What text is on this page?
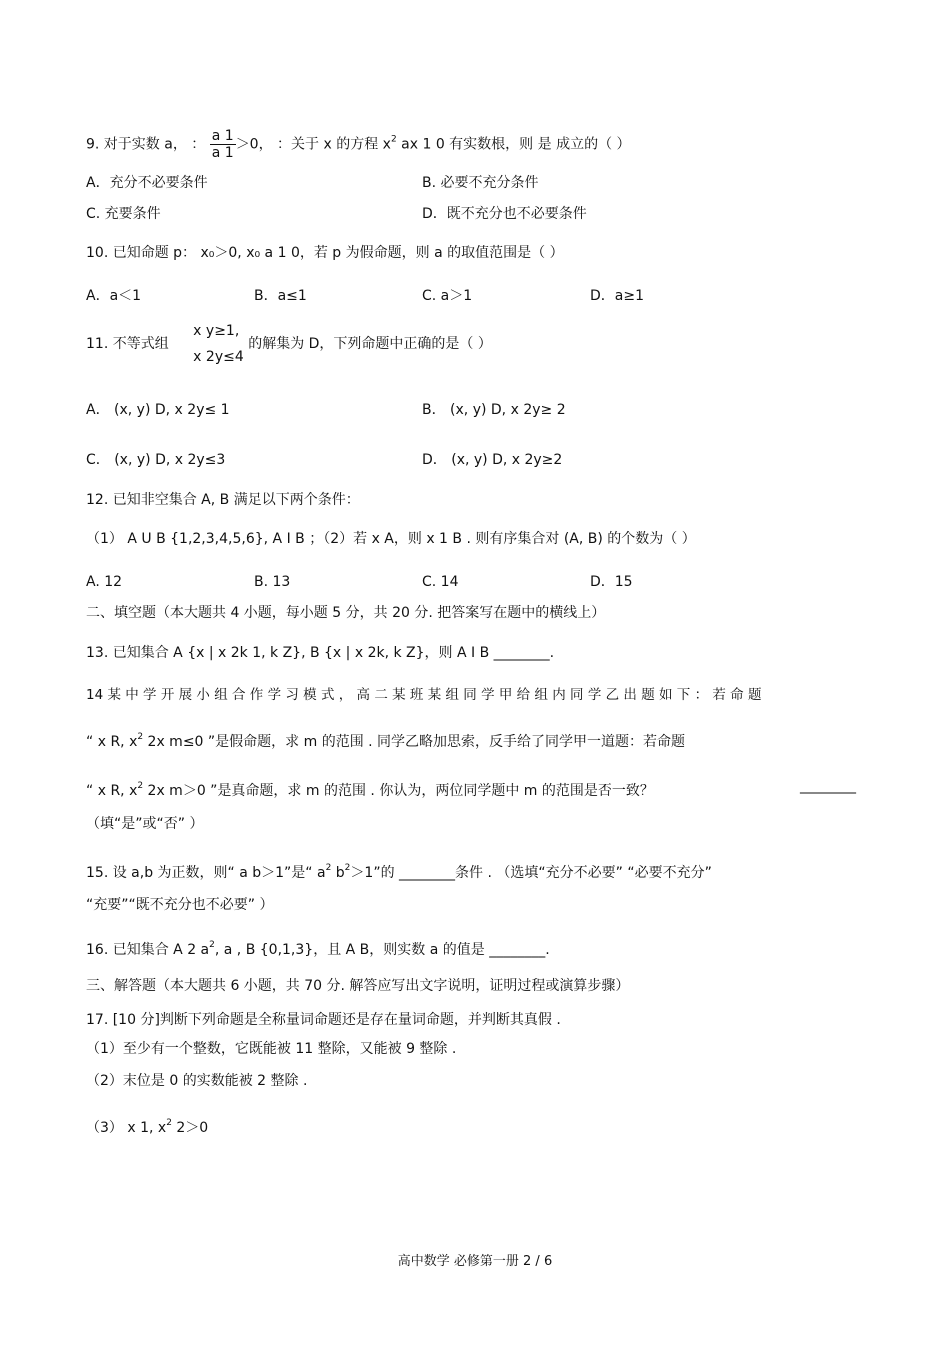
9. 对于实数 a， ： $\frac{a 1}{a 1} >0$， ：关于 x 的方程 $x^2$ ax 1 0 有实数根，则 是 成立的（ ）
A．充分不必要条件	B. 必要不充分条件
C. 充要条件	D．既不充分也不必要条件
10. 已知命题 p： x₀＞0, x₀ a 1 0，若 p 为假命题，则 a 的取值范围是（ ）
A．a＜1	B．a≤1	C. a＞1	D．a≥1
11. 不等式组
x y≥1,
x 2y≤4
的解集为 D，下列命题中正确的是（ ）
A． (x, y) D, x 2y≤ 1	B． (x, y) D, x 2y≥ 2
C． (x, y) D, x 2y≤3	D． (x, y) D, x 2y≥2
12. 已知非空集合 A, B 满足以下两个条件：
（1） A U B {1,2,3,4,5,6}, A I B ；（2）若 x A，则 x 1 B . 则有序集合对 (A, B) 的个数为（ ）
A. 12	B. 13	C. 14	D．15
二、填空题（本大题共 4 小题，每小题 5 分，共 20 分. 把答案写在题中的横线上）
13. 已知集合 A {x | x 2k 1, k Z}, B {x | x 2k, k Z}，则 A I B ________.
14 某 中 学 开 展 小 组 合 作 学 习 模 式 ， 高 二 某 班 某 组 同 学 甲 给 组 内 同 学 乙 出 题 如 下 ： 若 命 题
“ x R, $x^2$ 2x m≤0 ”是假命题，求 m 的范围 . 同学乙略加思索，反手给了同学甲一道题：若命题
“ x R, $x^2$ 2x m＞0 ”是真命题，求 m 的范围 . 你认为，两位同学题中 m 的范围是否一致？	________
（填“是”或“否” ）
15. 设 a,b 为正数，则“ a b＞1”是“ $a^2$ $b^2>1$”的 ________条件 . （选填“充分不必要” “必要不充分”
“充要”“既不充分也不必要” ）
16. 已知集合 A 2 $a^2$, a , B {0,1,3}，且 A B，则实数 a 的值是 ________.
三、解答题（本大题共 6 小题，共 70 分. 解答应写出文字说明，证明过程或演算步骤）
17. [10 分]判断下列命题是全称量词命题还是存在量词命题，并判断其真假 .
（1）至少有一个整数，它既能被 11 整除，又能被 9 整除 .
（2）末位是 0 的实数能被 2 整除 .
（3） x 1, $x^2$ 2＞0
高中数学 必修第一册 2 / 6
